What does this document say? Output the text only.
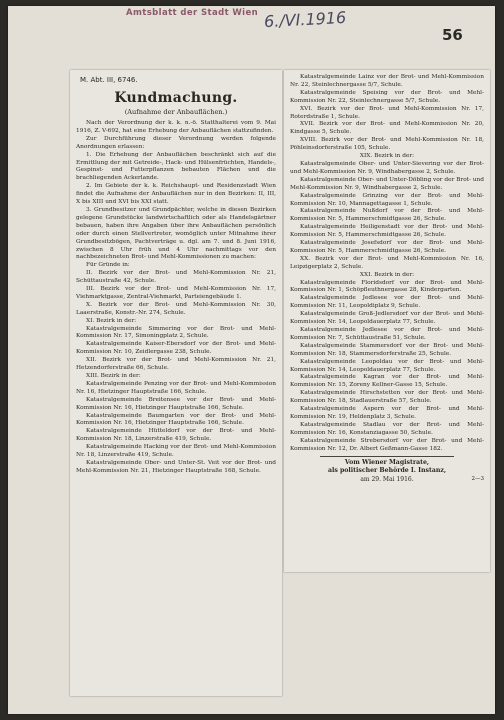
Amtsblatt der Stadt Wien 6./VI.1916
56
M. Abt. III, 6746.
Kundmachung.
(Aufnahme der Anbauflächen.)

Nach der Verordnung der k. k. n.-ö. Statthalterei vom 9. Mai 1916, Z. V-692, hat eine Erhebung der Anbauflächen stattzufinden.

Zur Durchführung dieser Verordnung werden folgende Anordnungen erlassen:

1. Die Erhebung der Anbauflächen beschränkt sich auf die Ermittlung der mit Getreide-, Hack- und Hülsenfrüchten, Handels-, Gespinst- und Futterpflanzen bebauten Flächen und die brachliegenden Ackerlande.

2. Im Gebiete der k. k. Reichshaupt- und Residenzstadt Wien findet die Aufnahme der Anbauflächen nur in den Bezirken: II, III, X bis XIII und XVI bis XXI statt.

3. Grundbesitzer und Grundpächter, welche in diesen Bezirken gelegene Grundstücke landwirtschaftlich oder als Handelsgärtner bebauen, haben ihre Angaben über ihre Anbauflächen persönlich oder durch einen Stellvertreter, womöglich unter Mitnahme ihrer Grundbesitzbögen, Pachtverträge u. dgl. am 7. und 8. Juni 1916, zwischen 8 Uhr früh und 4 Uhr nachmittags vor den nachbezeichneten Brot- und Mehl-Kommissionen zu machen:

Für Gründe in:

II. Bezirk vor der Brot- und Mehl-Kommission Nr. 21, Schüttaustraße 42, Schule.

III. Bezirk vor der Brot- und Mehl-Kommission Nr. 17, Viehmarktgasse, Zentral-Viehmarkt, Parteiengebäude 1.

X. Bezirk vor der Brot- und Mehl-Kommission Nr. 30, Laaerstraße, Konstr.-Nr. 274, Schule.

XI. Bezirk in der:

Katastralgemeinde Simmering vor der Brot- und Mehl-Kommission Nr. 17, Simoningplatz 2, Schule.

Katastralgemeinde Kaiser-Ebersdorf vor der Brot- und Mehl-Kommission Nr. 10, Zeidlergasse 238, Schule.

XII. Bezirk vor der Brot- und Mehl-Kommission Nr. 21, Hetzendorferstraße 66, Schule.

XIII. Bezirk in der:

Katastralgemeinde Penzing vor der Brot- und Mehl-Kommission Nr. 16, Hietzinger Hauptstraße 166, Schule.

Katastralgemeinde Breitensee vor der Brot- und Mehl-Kommission Nr. 16, Hietzinger Hauptstraße 166, Schule.

Katastralgemeinde Baumgarten vor der Brot- und Mehl-Kommission Nr. 16, Hietzinger Hauptstraße 166, Schule.

Katastralgemeinde Hütteldorf vor der Brot- und Mehl-Kommission Nr. 18, Linzerstraße 419, Schule.

Katastralgemeinde Hacking vor der Brot- und Mehl-Kommission Nr. 18, Linzerstraße 419, Schule.

Katastralgemeinde Ober- und Unter-St. Veit vor der Brot- und Mehl-Kommission Nr. 21, Hietzinger Hauptstraße 168, Schule.

Katastralgemeinde Lainz vor der Brot- und Mehl-Kommission Nr. 22, Steinlechnergasse 5/7, Schule.

Katastralgemeinde Speising vor der Brot- und Mehl-Kommission Nr. 22, Steinlechnergasse 5/7, Schule.

XVI. Bezirk vor der Brot- und Mehl-Kommission Nr. 17, Roterdstraße 1, Schule.

XVII. Bezirk vor der Brot- und Mehl-Kommission Nr. 20, Kindgasse 5, Schule.

XVIII. Bezirk vor der Brot- und Mehl-Kommission Nr. 18, Pöhleinsdorferstraße 105, Schule.

XIX. Bezirk in der:

Katastralgemeinde Ober- und Unter-Sievering vor der Brot- und Mehl-Kommission Nr. 9, Windhabergasse 2, Schule.

Katastralgemeinde Ober- und Unter-Döbling vor der Brot- und Mehl-Kommission Nr. 9, Windhabergasse 2, Schule.

Katastralgemeinde Grinzing vor der Brot- und Mehl-Kommission Nr. 10, Mannagettagasse 1, Schule.

Katastralgemeinde Nußdorf vor der Brot- und Mehl-Kommission Nr. 5, Hammerschmidtgasse 26, Schule.

Katastralgemeinde Heiligenstadt vor der Brot- und Mehl-Kommission Nr. 5, Hammerschmidtgasse 26, Schule.

Katastralgemeinde Josefsdorf vor der Brot- und Mehl-Kommission Nr. 5, Hammerschmidtgasse 26, Schule.

XX. Bezirk vor der Brot- und Mehl-Kommission Nr. 16, Leipzigerplatz 2, Schule.

XXI. Bezirk in der:

Katastralgemeinde Floridsdorf vor der Brot- und Mehl-Kommission Nr. 1, Schöpfleuthnergasse 28, Kindergarten.

Katastralgemeinde Jedlesee vor der Brot- und Mehl-Kommission Nr. 11, Leopoldiplatz 9, Schule.

Katastralgemeinde Groß-Jedlersdorf vor der Brot- und Mehl-Kommission Nr. 14, Leopoldauerplatz 77, Schule.

Katastralgemeinde Jedlesee vor der Brot- und Mehl-Kommission Nr. 7, Schüttaustraße 51, Schule.

Katastralgemeinde Stammersdorf vor der Brot- und Mehl-Kommission Nr. 18, Stammersdorferstraße 25, Schule.

Katastralgemeinde Leopoldau vor der Brot- und Mehl-Kommission Nr. 14, Leopoldauerplatz 77, Schule.

Katastralgemeinde Kagran vor der Brot- und Mehl-Kommission Nr. 15, Zoreny Kellner-Gasse 15, Schule.

Katastralgemeinde Hirschstetten vor der Brot- und Mehl-Kommission Nr. 18, Stadlauerstraße 57, Schule.

Katastralgemeinde Aspern vor der Brot- und Mehl-Kommission Nr. 19, Heldenplatz 3, Schule.

Katastralgemeinde Stadlau vor der Brot- und Mehl-Kommission Nr. 16, Konstanziagasse 50, Schule.

Katastralgemeinde Strebersdorf vor der Brot- und Mehl-Kommission Nr. 12, Dr. Albert Geßmann-Gasse 182.

Vom Wiener Magistrate,
als politischer Behörde I. Instanz,
am 29. Mai 1916.	2—3
